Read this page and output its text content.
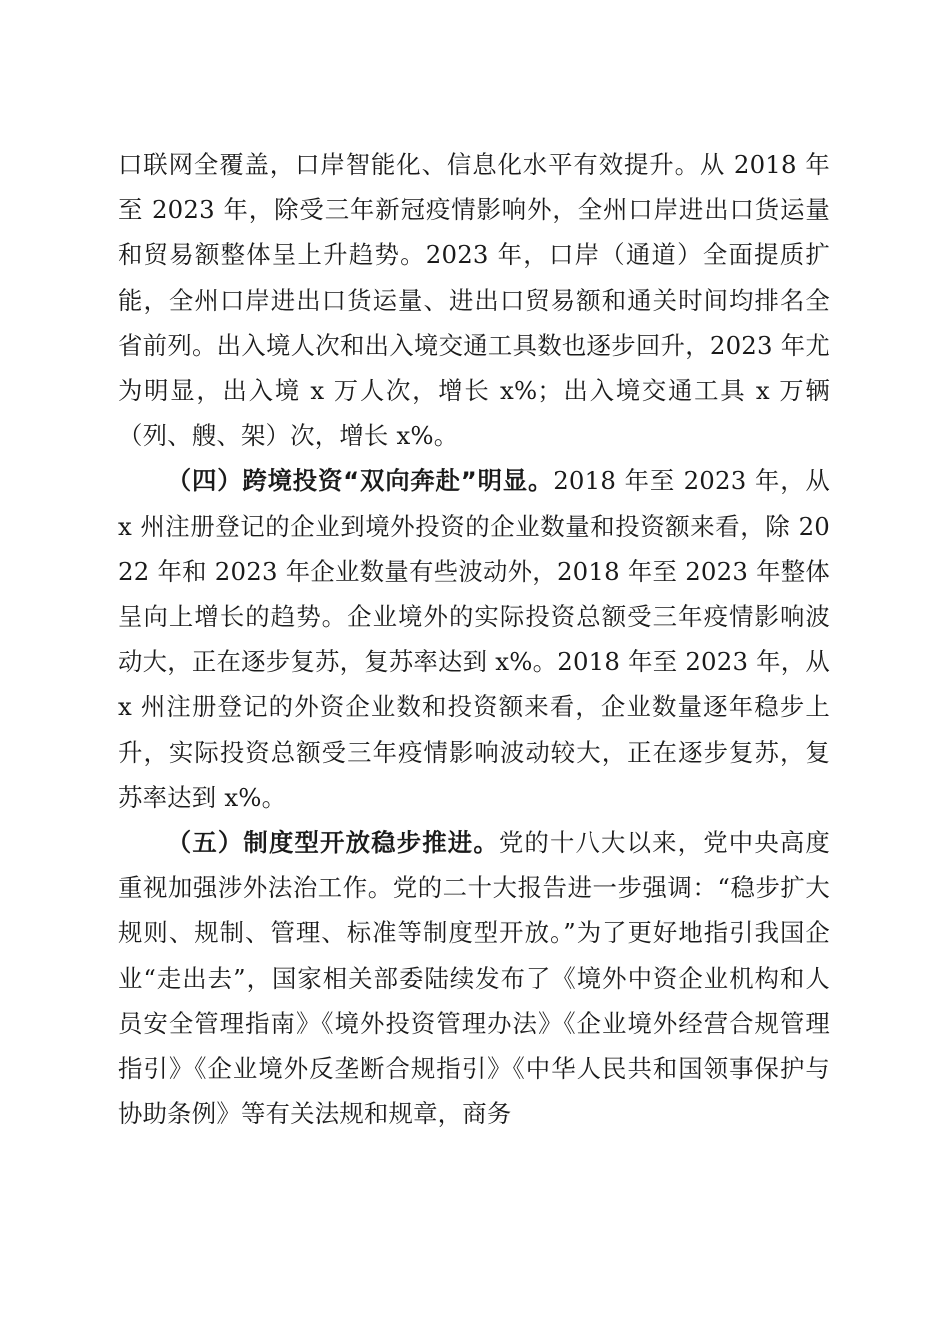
口联网全覆盖，口岸智能化、信息化水平有效提升。从 2018 年至 2023 年，除受三年新冠疫情影响外，全州口岸进出口货运量和贸易额整体呈上升趋势。2023 年，口岸（通道）全面提质扩能，全州口岸进出口货运量、进出口贸易额和通关时间均排名全省前列。出入境人次和出入境交通工具数也逐步回升，2023 年尤为明显，出入境 x 万人次，增长 x%；出入境交通工具 x 万辆（列、艘、架）次，增长 x%。

（四）跨境投资“双向奔赴”明显。2018 年至 2023 年，从 x 州注册登记的企业到境外投资的企业数量和投资额来看，除 2022 年和 2023 年企业数量有些波动外，2018 年至 2023 年整体呈向上增长的趋势。企业境外的实际投资总额受三年疫情影响波动大，正在逐步复苏，复苏率达到 x%。2018 年至 2023 年，从 x 州注册登记的外资企业数和投资额来看，企业数量逐年稳步上升，实际投资总额受三年疫情影响波动较大，正在逐步复苏，复苏率达到 x%。

（五）制度型开放稳步推进。党的十八大以来，党中央高度重视加强涉外法治工作。党的二十大报告进一步强调：“稳步扩大规则、规制、管理、标准等制度型开放。”为了更好地指引我国企业“走出去”，国家相关部委陆续发布了《境外中资企业机构和人员安全管理指南》《境外投资管理办法》《企业境外经营合规管理指引》《企业境外反垄断合规指引》《中华人民共和国领事保护与协助条例》等有关法规和规章，商务
